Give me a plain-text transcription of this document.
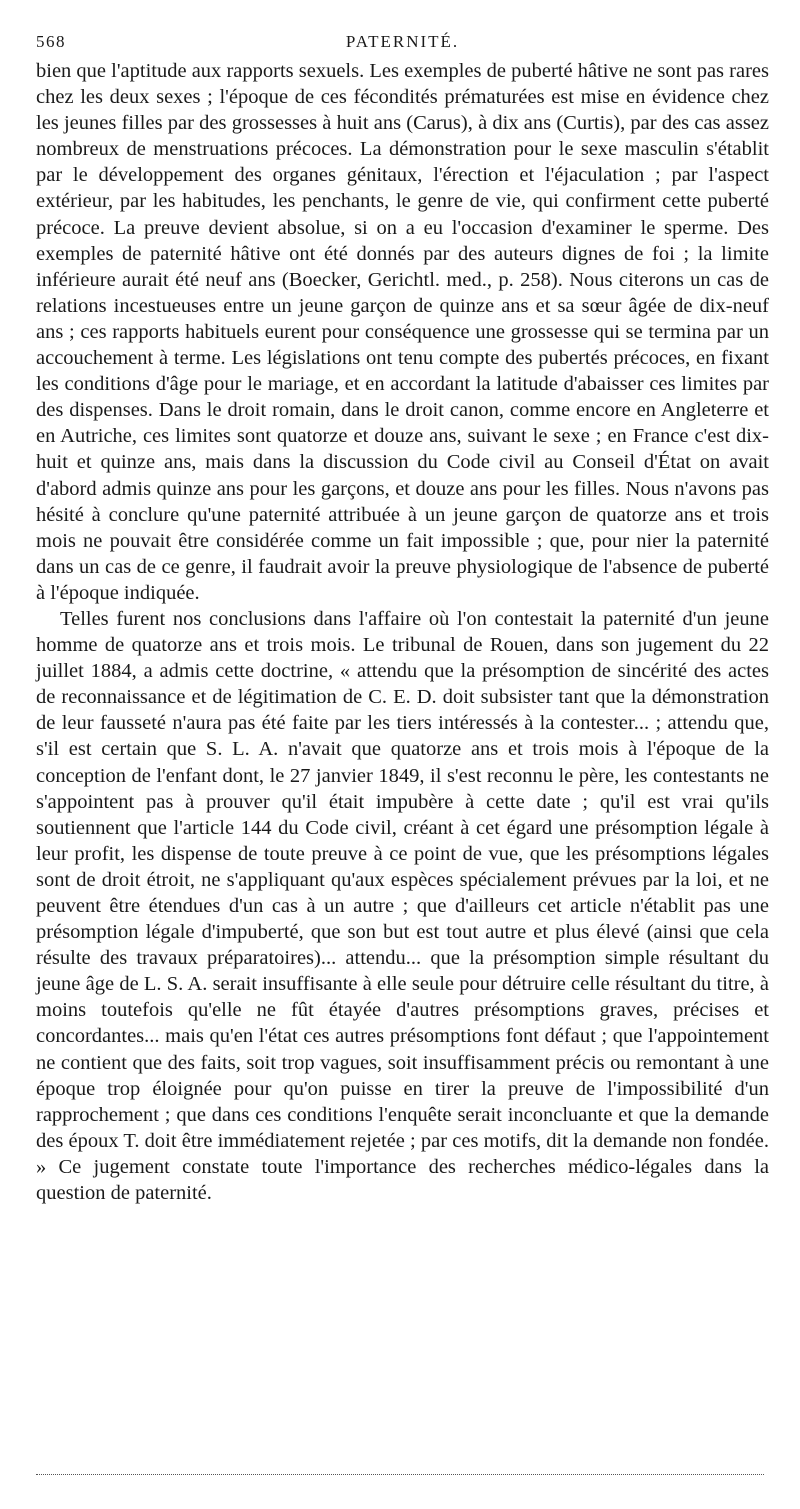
568	PATERNITÉ.

bien que l'aptitude aux rapports sexuels. Les exemples de puberté hâtive ne sont pas rares chez les deux sexes ; l'époque de ces fécondités prématurées est mise en évidence chez les jeunes filles par des grossesses à huit ans (Carus), à dix ans (Curtis), par des cas assez nombreux de menstruations précoces. La démonstration pour le sexe masculin s'établit par le développement des organes génitaux, l'érection et l'éjaculation ; par l'aspect extérieur, par les habitudes, les penchants, le genre de vie, qui confirment cette puberté précoce. La preuve devient absolue, si on a eu l'occasion d'examiner le sperme. Des exemples de paternité hâtive ont été donnés par des auteurs dignes de foi ; la limite inférieure aurait été neuf ans (Boecker, Gerichtl. med., p. 258). Nous citerons un cas de relations incestueuses entre un jeune garçon de quinze ans et sa sœur âgée de dix-neuf ans ; ces rapports habituels eurent pour conséquence une grossesse qui se termina par un accouchement à terme. Les législations ont tenu compte des pubertés précoces, en fixant les conditions d'âge pour le mariage, et en accordant la latitude d'abaisser ces limites par des dispenses. Dans le droit romain, dans le droit canon, comme encore en Angleterre et en Autriche, ces limites sont quatorze et douze ans, suivant le sexe ; en France c'est dix-huit et quinze ans, mais dans la discussion du Code civil au Conseil d'État on avait d'abord admis quinze ans pour les garçons, et douze ans pour les filles. Nous n'avons pas hésité à conclure qu'une paternité attribuée à un jeune garçon de quatorze ans et trois mois ne pouvait être considérée comme un fait impossible ; que, pour nier la paternité dans un cas de ce genre, il faudrait avoir la preuve physiologique de l'absence de puberté à l'époque indiquée.

Telles furent nos conclusions dans l'affaire où l'on contestait la paternité d'un jeune homme de quatorze ans et trois mois. Le tribunal de Rouen, dans son jugement du 22 juillet 1884, a admis cette doctrine, « attendu que la présomption de sincérité des actes de reconnaissance et de légitimation de C. E. D. doit subsister tant que la démonstration de leur fausseté n'aura pas été faite par les tiers intéressés à la contester... ; attendu que, s'il est certain que S. L. A. n'avait que quatorze ans et trois mois à l'époque de la conception de l'enfant dont, le 27 janvier 1849, il s'est reconnu le père, les contestants ne s'appointent pas à prouver qu'il était impubère à cette date ; qu'il est vrai qu'ils soutiennent que l'article 144 du Code civil, créant à cet égard une présomption légale à leur profit, les dispense de toute preuve à ce point de vue, que les présomptions légales sont de droit étroit, ne s'appliquant qu'aux espèces spécialement prévues par la loi, et ne peuvent être étendues d'un cas à un autre ; que d'ailleurs cet article n'établit pas une présomption légale d'impuberté, que son but est tout autre et plus élevé (ainsi que cela résulte des travaux préparatoires)... attendu... que la présomption simple résultant du jeune âge de L. S. A. serait insuffisante à elle seule pour détruire celle résultant du titre, à moins toutefois qu'elle ne fût étayée d'autres présomptions graves, précises et concordantes... mais qu'en l'état ces autres présomptions font défaut ; que l'appointement ne contient que des faits, soit trop vagues, soit insuffisamment précis ou remontant à une époque trop éloignée pour qu'on puisse en tirer la preuve de l'impossibilité d'un rapprochement ; que dans ces conditions l'enquête serait inconcluante et que la demande des époux T. doit être immédiatement rejetée ; par ces motifs, dit la demande non fondée. » Ce jugement constate toute l'importance des recherches médico-légales dans la question de paternité.
